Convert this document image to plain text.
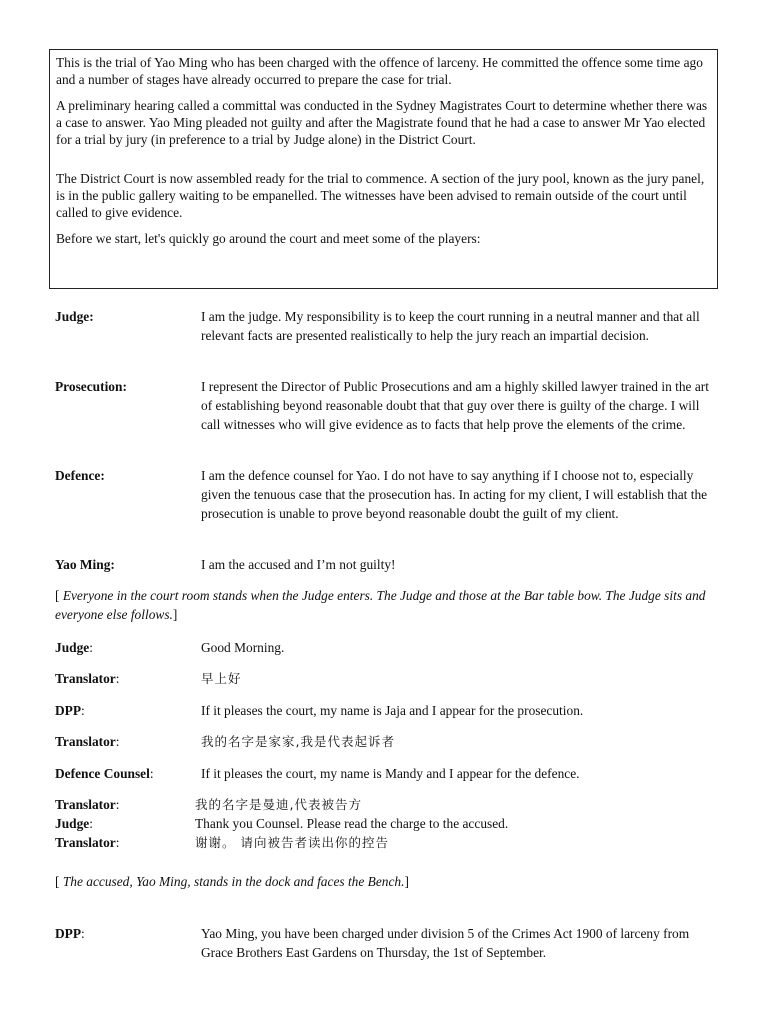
This is the trial of Yao Ming who has been charged with the offence of larceny. He committed the offence some time ago and a number of stages have already occurred to prepare the case for trial.

A preliminary hearing called a committal was conducted in the Sydney Magistrates Court to determine whether there was a case to answer. Yao Ming pleaded not guilty and after the Magistrate found that he had a case to answer Mr Yao elected for a trial by jury (in preference to a trial by Judge alone) in the District Court.

The District Court is now assembled ready for the trial to commence. A section of the jury pool, known as the jury panel, is in the public gallery waiting to be empanelled. The witnesses have been advised to remain outside of the court until called to give evidence.

Before we start, let's quickly go around the court and meet some of the players:

Judge:	I am the judge. My responsibility is to keep the court running in a neutral manner and that all relevant facts are presented realistically to help the jury reach an impartial decision.
Prosecution:	I represent the Director of Public Prosecutions and am a highly skilled lawyer trained in the art of establishing beyond reasonable doubt that that guy over there is guilty of the charge. I will call witnesses who will give evidence as to facts that help prove the elements of the crime.
Defence:	I am the defence counsel for Yao. I do not have to say anything if I choose not to, especially given the tenuous case that the prosecution has. In acting for my client, I will establish that the prosecution is unable to prove beyond reasonable doubt the guilt of my client.
Yao Ming:	I am the accused and I’m not guilty!
[ Everyone in the court room stands when the Judge enters. The Judge and those at the Bar table bow. The Judge sits and everyone else follows.]
Judge:	Good Morning.
Translator:	早上好
DPP:	If it pleases the court, my name is Jaja and I appear for the prosecution.
Translator:	我的名字是家家,我是代表起诉者
Defence Counsel:	If it pleases the court, my name is Mandy and I appear for the defence.
Translator:	我的名字是曼迪,代表被告方
Judge:	Thank you Counsel. Please read the charge to the accused.
Translator:	谢谢。 请向被告者读出你的控告
[ The accused, Yao Ming, stands in the dock and faces the Bench.]
DPP:	Yao Ming, you have been charged under division 5 of the Crimes Act 1900 of larceny from Grace Brothers East Gardens on Thursday, the 1st of September.
